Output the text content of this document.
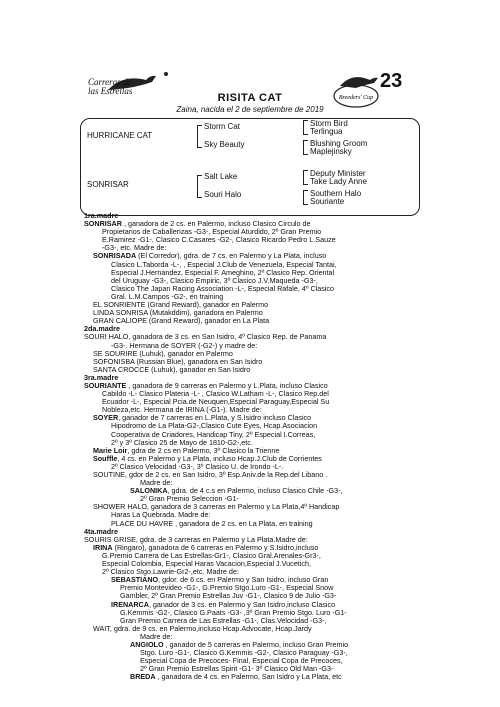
Carreras de las Estrellas
Breeders' Cup
23
RISITA CAT
Zaina, nacida el 2 de septiembre de 2019
HURRICANE CAT
SONRISAR
Storm Cat
Sky Beauty
Salt Lake
Souri Halo
Storm Bird
Terlingua
Blushing Groom
Maplejinsky
Deputy Minister
Take Lady Anne
Southern Halo
Souriante

1ra.madre

SONRISAR , ganadora de 2 cs. en Palermo, incluso Clasico Circulo de

Propietarios de Caballerizas -G3-, Especial Aturdido, 2º Gran Premio

E.Ramirez -G1-, Clasico C.Casares -G2-, Clasico Ricardo Pedro L.Sauze

-G3-, etc. Madre de:

SONRISADA (El Corredor), gdra. de 7 cs. en Palermo y La Plata, incluso

Clasico L.Taborda -L-, , Especial J.Club de Venezuela, Especial Tantai,

Especial J.Hernandez, Especial F. Ameghino, 2º Clasico Rep. Oriental

del Uruguay -G3-, Clasico Empiric, 3º Clasico J.V.Maqueda -G3-,

Clasico The Japan Racing Association -L-, Especial Rafale, 4º Clasico

Gral. L.M.Campos -G2-, en training

EL SONRIENTE (Grand Reward), ganador en Palermo

LINDA SONRISA (Mutakddim), ganadora en Palermo

GRAN CALIOPE (Grand Reward), ganador en La Plata

2da.madre

SOURI HALO, ganadora de 3 cs. en San Isidro, 4º Clasico Rep. de Panama

-G3-. Hermana de SOYER (-G2-) y madre de:

SE SOURIRE (Luhuk), ganador en Palermo

SOFONISBA (Russian Blue), ganadora en San Isidro

SANTA CROCCE (Luhuk), ganador en San Isidro

3ra.madre

SOURIANTE , ganadora de 9 carreras en Palermo y L.Plata, incluso Clasico

Cabildo -L- Clasico Plateria -L- , Clasico W.Latham -L-, Clasico Rep.del

Ecuador -L-, Especial Pcia.de Neuquen,Especial Paraguay,Especial Su

Nobleza,etc. Hermana de IRINA (-G1-). Madre de:

SOYER, ganador de 7 carreras en L.Plata, y S.Isidro incluso Clasico

Hipodromo de La Plata-G2-,Clasico Cute Eyes, Hcap.Asociacion

Cooperativa de Criadores, Handicap Tiny, 2º Especial I.Correas,

2º y 3º Clasico 25 de Mayo de 1810-G2-,etc.

Marie Loir, gdra de 2 cs en Palermo, 3º Clasico la Trienne

Souffle, 4 cs. en Palermo y La Plata, incluso Hcap.J.Club de Corrientes

2º Clasico Velocidad -G3-, 3º Clasico U. de Irondo -L-.

SOUTINE, gdor de 2 cs. en San Isidro, 3º Esp.Aniv.de la Rep.del Libano .

Madre de:

SALONIKA, gdra. de 4 c.s en Palermo, incluso Clasico Chile -G3-,

2º Gran Premio Seleccion -G1-

SHOWER HALO, ganadora de 3 carreras en Palermo y La Plata,4º Handicap

Haras La Quebrada. Madre de:

PLACE DU HAVRE , ganadora de 2 cs. en La Plata, en training

4ta.madre

SOURIS GRISE, gdra. de 3 carreras en Palermo y La Plata.Madre de:

IRINA (Ringaro), ganadora de 6 carreras en Palermo y S.Isidro,incluso

G.Premio Carrera de Las Estrellas-Gr1-, Clasico Gral.Arenales-Gr3-,

Especial Colombia, Especial Haras Vacacion,Especial J.Vucetich,

2º Clasico Stgo.Lawrie-Gr2-,etc. Madre de:

SEBASTIANO, gdor. de 6 cs. en Palermo y San Isidro, incluso Gran

Premio Montevideo -G1-, G.Premio Stgo.Luro -G1-, Especial Snow

Gambler, 2º Gran Premio Estrellas Juv -G1-, Clasico 9 de Julio -G3-

IRENARCA, ganador de 3 cs. en Palermo y San Isidro,incluso Clasico

G.Kemmis -G2-, Clasico G.Paats -G3- ,3º Gran Premio Stgo. Luro -G1-

Gran Premio Carrera de Las Estrellas -G1-, Clas.Velocidad -G3-,

WAIT, gdra. de 9 cs. en Palermo,incluso Hcap.Advocate, Hcap.Jardy

Madre de:

ANGIOLO , ganador de 5 carreras en Palermo, incluso Gran Premio

Stgo. Luro -G1-, Clasico G.Kemmis -G2-, Clasico Paraguay -G3-,

Especial Copa de Precoces- Final, Especial Copa de Precoces,

2º Gran Premio Estrellas Spirit -G1- 3º Clasico Old Man -G3-

BREDA , ganadora de 4 cs. en Palermo, San Isidro y La Plata, etc
